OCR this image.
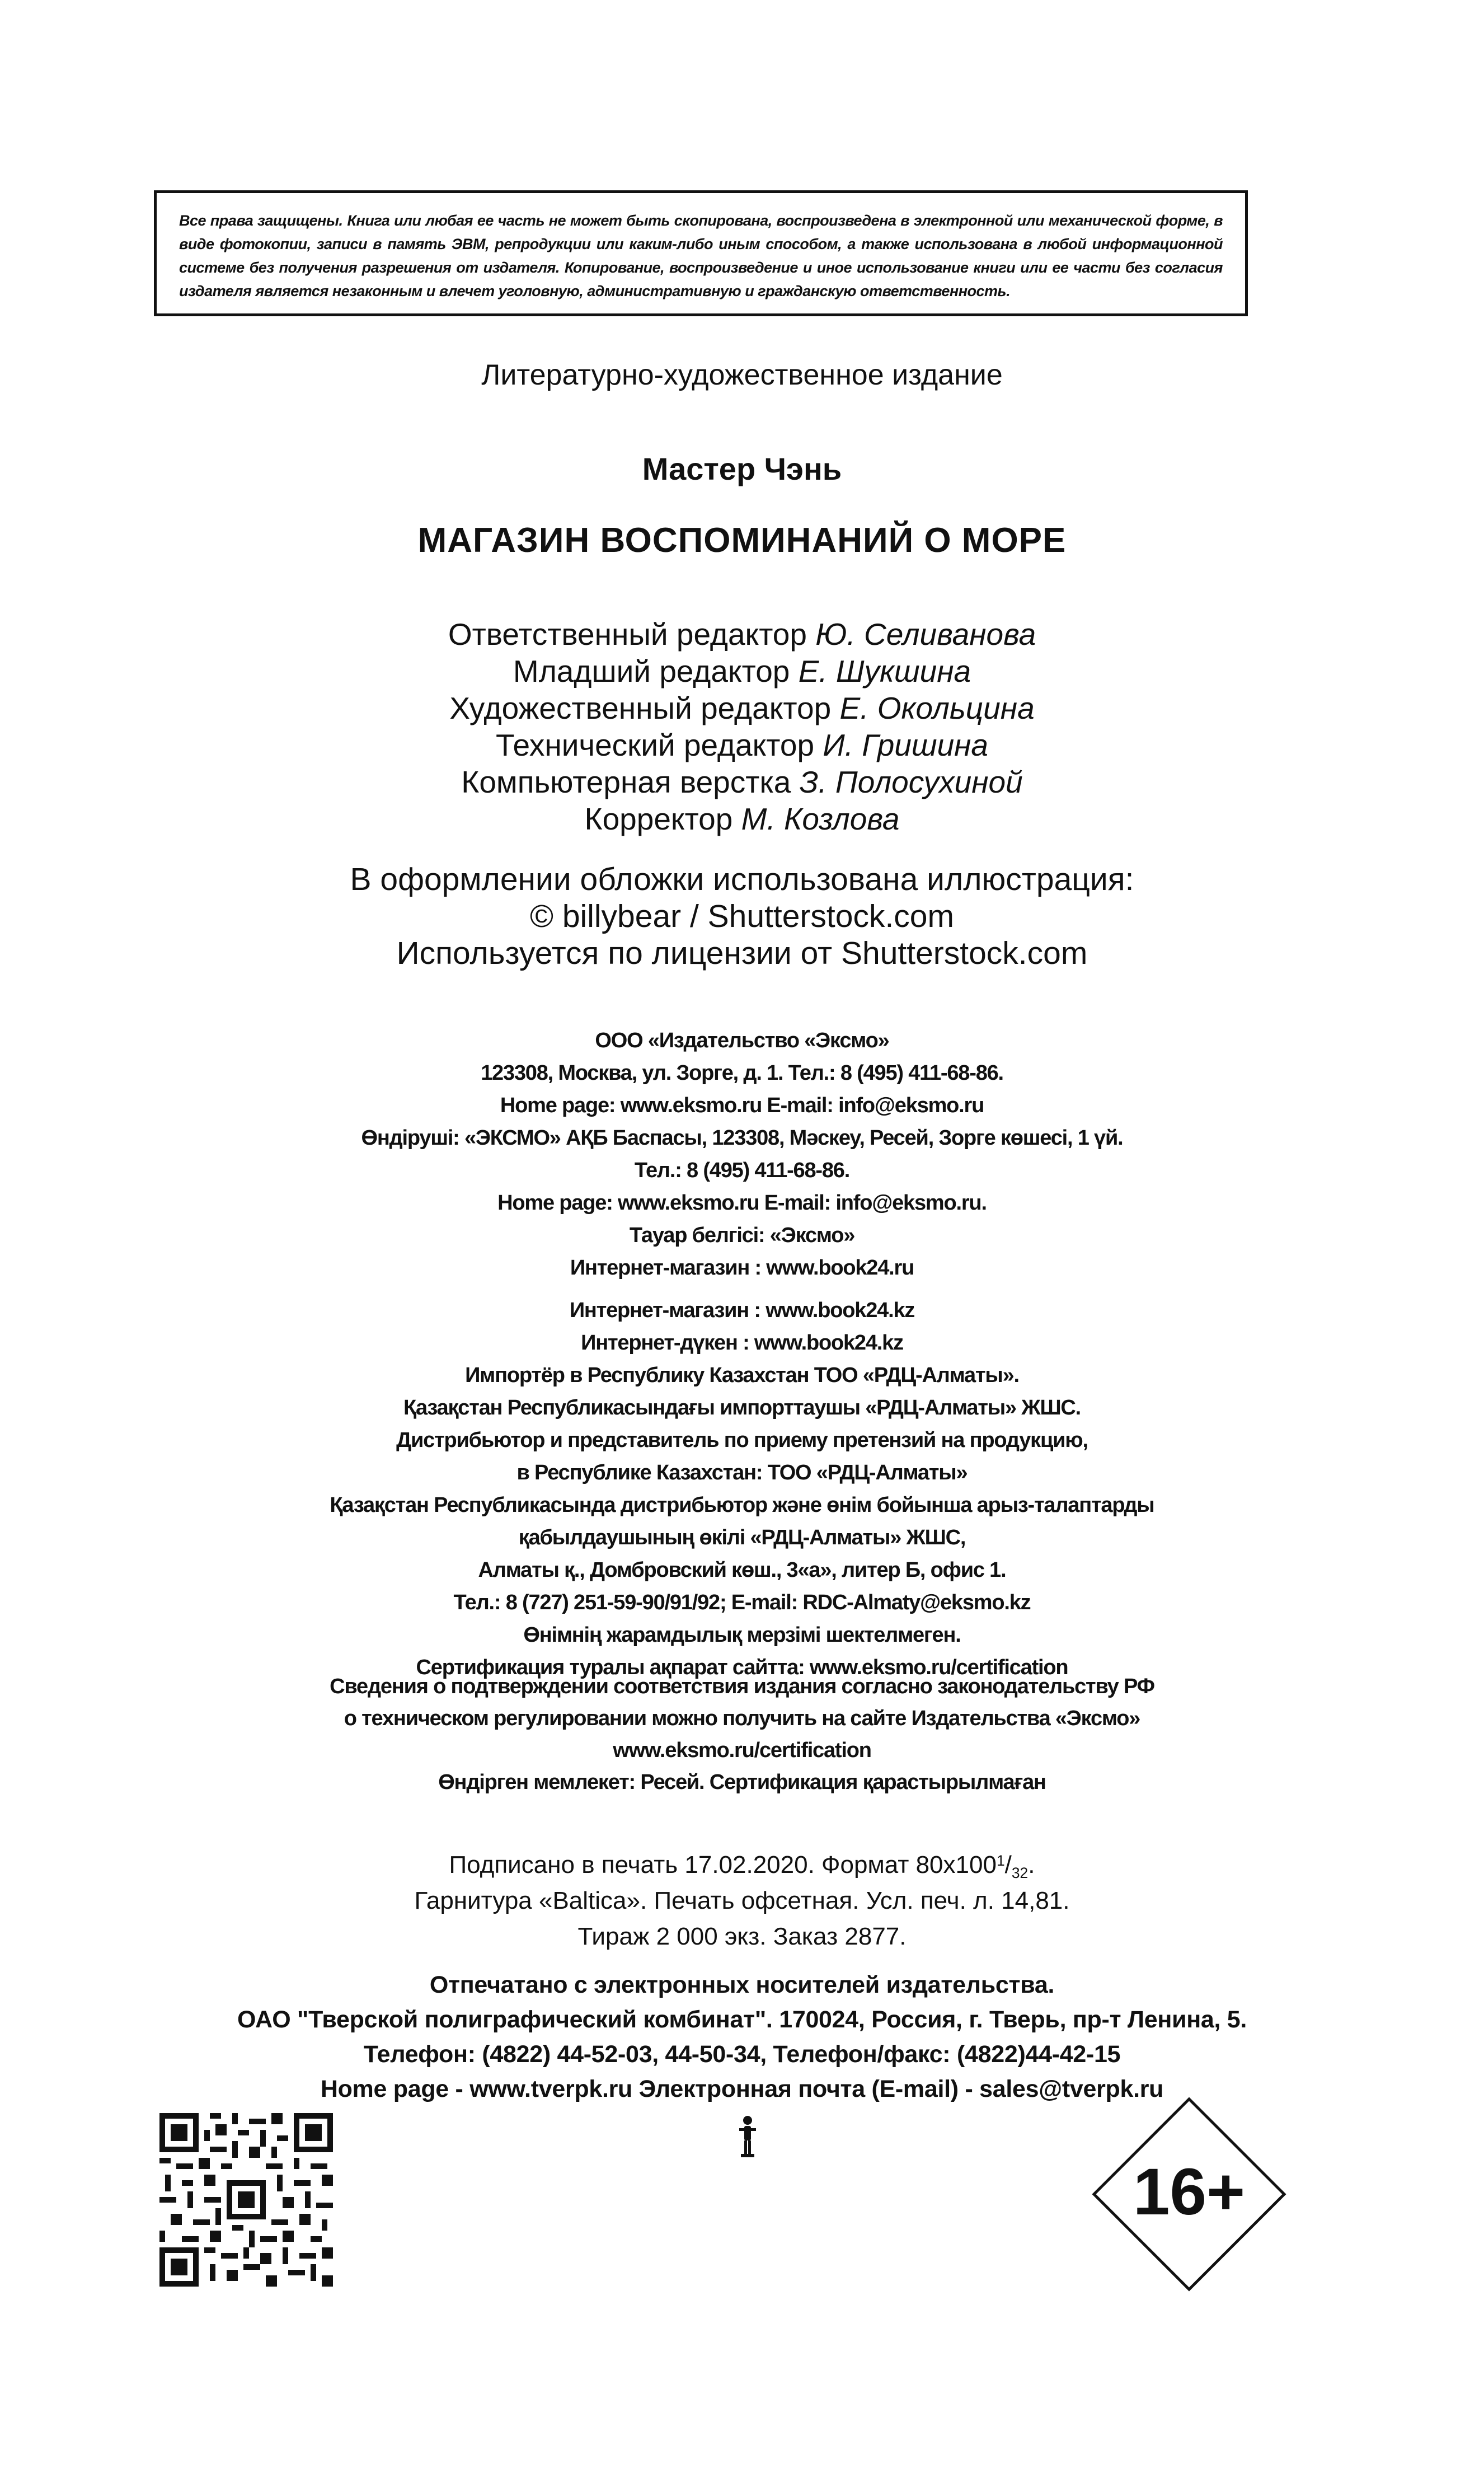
Все права защищены. Книга или любая ее часть не может быть скопирована, воспроизведена в электронной или механической форме, в виде фотокопии, записи в память ЭВМ, репродукции или каким-либо иным способом, а также использована в любой информационной системе без получения разрешения от издателя. Копирование, воспроизведение и иное использование книги или ее части без согласия издателя является незаконным и влечет уголовную, административную и гражданскую ответственность.
Литературно-художественное издание
Мастер Чэнь
МАГАЗИН ВОСПОМИНАНИЙ О МОРЕ
Ответственный редактор Ю. Селиванова
Младший редактор Е. Шукшина
Художественный редактор Е. Окольцина
Технический редактор И. Гришина
Компьютерная верстка З. Полосухиной
Корректор М. Козлова
В оформлении обложки использована иллюстрация:
© billybear / Shutterstock.com
Используется по лицензии от Shutterstock.com
ООО «Издательство «Эксмо»
123308, Москва, ул. Зорге, д. 1. Тел.: 8 (495) 411-68-86.
Home page: www.eksmo.ru E-mail: info@eksmo.ru
Өндіруші: «ЭКСМО» АҚБ Баспасы, 123308, Мәскеу, Ресей, Зорге көшесі, 1 үй.
Тел.: 8 (495) 411-68-86.
Home page: www.eksmo.ru E-mail: info@eksmo.ru.
Тауар белгісі: «Эксмо»
Интернет-магазин : www.book24.ru
Интернет-магазин : www.book24.kz
Интернет-дүкен : www.book24.kz
Импортёр в Республику Казахстан ТОО «РДЦ-Алматы».
Қазақстан Республикасындағы импорттаушы «РДЦ-Алматы» ЖШС.
Дистрибьютор и представитель по приему претензий на продукцию,
в Республике Казахстан: ТОО «РДЦ-Алматы»
Қазақстан Республикасында дистрибьютор және өнім бойынша арыз-талаптарды
қабылдаушының өкілі «РДЦ-Алматы» ЖШС,
Алматы қ., Домбровский көш., 3«а», литер Б, офис 1.
Тел.: 8 (727) 251-59-90/91/92; E-mail: RDC-Almaty@eksmo.kz
Өнімнің жарамдылық мерзімі шектелмеген.
Сертификация туралы ақпарат сайтта: www.eksmo.ru/certification
Сведения о подтверждении соответствия издания согласно законодательству РФ
о техническом регулировании можно получить на сайте Издательства «Эксмо»
www.eksmo.ru/certification
Өндірген мемлекет: Ресей. Сертификация қарастырылмаған
Подписано в печать 17.02.2020. Формат $80x100^1/_{32}$.
Гарнитура «Baltica». Печать офсетная. Усл. печ. л. 14,81.
Тираж 2 000 экз. Заказ 2877.
Отпечатано с электронных носителей издательства.
ОАО "Тверской полиграфический комбинат". 170024, Россия, г. Тверь, пр-т Ленина, 5.
Телефон: (4822) 44-52-03, 44-50-34, Телефон/факс: (4822)44-42-15
Home page - www.tverpk.ru Электронная почта (E-mail) - sales@tverpk.ru
16+
